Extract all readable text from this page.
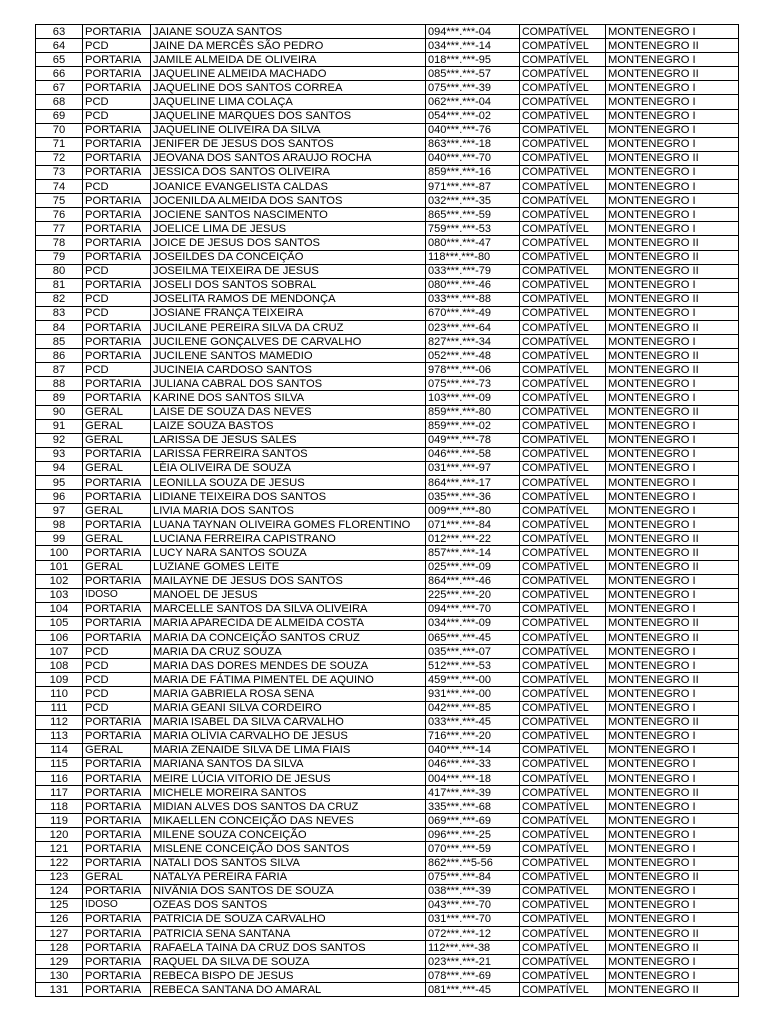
63	PORTARIA	JAIANE SOUZA SANTOS	094***.***-04	COMPATÍVEL	MONTENEGRO I
64	PCD	JAINE DA MERCÊS SÃO PEDRO	034***.***-14	COMPATÍVEL	MONTENEGRO II
65	PORTARIA	JAMILE ALMEIDA DE OLIVEIRA	018***.***-95	COMPATÍVEL	MONTENEGRO I
66	PORTARIA	JAQUELINE ALMEIDA MACHADO	085***.***-57	COMPATÍVEL	MONTENEGRO II
67	PORTARIA	JAQUELINE DOS SANTOS CORREA	075***.***-39	COMPATÍVEL	MONTENEGRO I
68	PCD	JAQUELINE LIMA COLAÇA	062***.***-04	COMPATÍVEL	MONTENEGRO I
69	PCD	JAQUELINE MARQUES DOS SANTOS	054***.***-02	COMPATÍVEL	MONTENEGRO I
70	PORTARIA	JAQUELINE OLIVEIRA DA SILVA	040***.***-76	COMPATÍVEL	MONTENEGRO I
71	PORTARIA	JENIFER DE JESUS DOS SANTOS	863***.***-18	COMPATÍVEL	MONTENEGRO I
72	PORTARIA	JEOVANA DOS SANTOS ARAUJO ROCHA	040***.***-70	COMPATÍVEL	MONTENEGRO II
73	PORTARIA	JESSICA DOS SANTOS OLIVEIRA	859***.***-16	COMPATÍVEL	MONTENEGRO I
74	PCD	JOANICE EVANGELISTA CALDAS	971***.***-87	COMPATÍVEL	MONTENEGRO I
75	PORTARIA	JOCENILDA ALMEIDA DOS SANTOS	032***.***-35	COMPATÍVEL	MONTENEGRO I
76	PORTARIA	JOCIENE SANTOS NASCIMENTO	865***.***-59	COMPATÍVEL	MONTENEGRO I
77	PORTARIA	JOELICE LIMA DE JESUS	759***.***-53	COMPATÍVEL	MONTENEGRO I
78	PORTARIA	JOICE DE JESUS DOS SANTOS	080***.***-47	COMPATÍVEL	MONTENEGRO II
79	PORTARIA	JOSEILDES DA CONCEIÇÃO	118***.***-80	COMPATÍVEL	MONTENEGRO II
80	PCD	JOSEILMA TEIXEIRA DE JESUS	033***.***-79	COMPATÍVEL	MONTENEGRO II
81	PORTARIA	JOSELI DOS SANTOS SOBRAL	080***.***-46	COMPATÍVEL	MONTENEGRO I
82	PCD	JOSELITA RAMOS DE MENDONÇA	033***.***-88	COMPATÍVEL	MONTENEGRO II
83	PCD	JOSIANE FRANÇA TEIXEIRA	670***.***-49	COMPATÍVEL	MONTENEGRO I
84	PORTARIA	JUCILANE PEREIRA SILVA DA CRUZ	023***.***-64	COMPATÍVEL	MONTENEGRO II
85	PORTARIA	JUCILENE GONÇALVES DE CARVALHO	827***.***-34	COMPATÍVEL	MONTENEGRO I
86	PORTARIA	JUCILENE SANTOS MAMEDIO	052***.***-48	COMPATÍVEL	MONTENEGRO II
87	PCD	JUCINEIA CARDOSO SANTOS	978***.***-06	COMPATÍVEL	MONTENEGRO II
88	PORTARIA	JULIANA CABRAL DOS SANTOS	075***.***-73	COMPATÍVEL	MONTENEGRO I
89	PORTARIA	KARINE DOS SANTOS SILVA	103***.***-09	COMPATÍVEL	MONTENEGRO I
90	GERAL	LAISE DE SOUZA DAS NEVES	859***.***-80	COMPATÍVEL	MONTENEGRO II
91	GERAL	LAIZE SOUZA BASTOS	859***.***-02	COMPATÍVEL	MONTENEGRO I
92	GERAL	LARISSA DE JESUS SALES	049***.***-78	COMPATÍVEL	MONTENEGRO I
93	PORTARIA	LARISSA FERREIRA SANTOS	046***.***-58	COMPATÍVEL	MONTENEGRO I
94	GERAL	LÉIA OLIVEIRA DE SOUZA	031***.***-97	COMPATÍVEL	MONTENEGRO I
95	PORTARIA	LEONILLA SOUZA DE JESUS	864***.***-17	COMPATÍVEL	MONTENEGRO I
96	PORTARIA	LIDIANE TEIXEIRA DOS SANTOS	035***.***-36	COMPATÍVEL	MONTENEGRO I
97	GERAL	LIVIA MARIA DOS SANTOS	009***.***-80	COMPATÍVEL	MONTENEGRO I
98	PORTARIA	LUANA TAYNAN OLIVEIRA GOMES FLORENTINO	071***.***-84	COMPATÍVEL	MONTENEGRO I
99	GERAL	LUCIANA FERREIRA CAPISTRANO	012***.***-22	COMPATÍVEL	MONTENEGRO II
100	PORTARIA	LUCY NARA SANTOS SOUZA	857***.***-14	COMPATÍVEL	MONTENEGRO II
101	GERAL	LUZIANE GOMES LEITE	025***.***-09	COMPATÍVEL	MONTENEGRO II
102	PORTARIA	MAILAYNE DE JESUS DOS SANTOS	864***.***-46	COMPATÍVEL	MONTENEGRO I
103	IDOSO	MANOEL DE JESUS	225***.***-20	COMPATÍVEL	MONTENEGRO I
104	PORTARIA	MARCELLE SANTOS DA SILVA OLIVEIRA	094***.***-70	COMPATÍVEL	MONTENEGRO I
105	PORTARIA	MARIA APARECIDA DE ALMEIDA COSTA	034***.***-09	COMPATÍVEL	MONTENEGRO II
106	PORTARIA	MARIA DA CONCEIÇÃO SANTOS CRUZ	065***.***-45	COMPATÍVEL	MONTENEGRO II
107	PCD	MARIA DA CRUZ SOUZA	035***.***-07	COMPATÍVEL	MONTENEGRO I
108	PCD	MARIA DAS DORES MENDES DE SOUZA	512***.***-53	COMPATÍVEL	MONTENEGRO I
109	PCD	MARIA DE FÁTIMA PIMENTEL DE AQUINO	459***.***-00	COMPATÍVEL	MONTENEGRO II
110	PCD	MARIA GABRIELA ROSA SENA	931***.***-00	COMPATÍVEL	MONTENEGRO I
111	PCD	MARIA GEANI SILVA CORDEIRO	042***.***-85	COMPATÍVEL	MONTENEGRO I
112	PORTARIA	MARIA ISABEL DA SILVA CARVALHO	033***.***-45	COMPATÍVEL	MONTENEGRO II
113	PORTARIA	MARIA OLÍVIA CARVALHO DE JESUS	716***.***-20	COMPATÍVEL	MONTENEGRO I
114	GERAL	MARIA ZENAIDE SILVA DE LIMA FIAIS	040***.***-14	COMPATÍVEL	MONTENEGRO I
115	PORTARIA	MARIANA SANTOS DA SILVA	046***.***-33	COMPATÍVEL	MONTENEGRO I
116	PORTARIA	MEIRE LÚCIA VITORIO DE JESUS	004***.***-18	COMPATÍVEL	MONTENEGRO I
117	PORTARIA	MICHELE MOREIRA SANTOS	417***.***-39	COMPATÍVEL	MONTENEGRO II
118	PORTARIA	MIDIAN ALVES DOS SANTOS DA CRUZ	335***.***-68	COMPATÍVEL	MONTENEGRO I
119	PORTARIA	MIKAELLEN CONCEIÇÃO DAS NEVES	069***.***-69	COMPATÍVEL	MONTENEGRO I
120	PORTARIA	MILENE SOUZA CONCEIÇÃO	096***.***-25	COMPATÍVEL	MONTENEGRO I
121	PORTARIA	MISLENE CONCEIÇÃO DOS SANTOS	070***.***-59	COMPATÍVEL	MONTENEGRO I
122	PORTARIA	NATALI DOS SANTOS SILVA	862***.**5-56	COMPATÍVEL	MONTENEGRO I
123	GERAL	NATALYA PEREIRA FARIA	075***.***-84	COMPATÍVEL	MONTENEGRO II
124	PORTARIA	NIVÂNIA DOS SANTOS DE SOUZA	038***.***-39	COMPATÍVEL	MONTENEGRO I
125	IDOSO	OZEAS DOS SANTOS	043***.***-70	COMPATÍVEL	MONTENEGRO I
126	PORTARIA	PATRICIA DE SOUZA CARVALHO	031***.***-70	COMPATÍVEL	MONTENEGRO I
127	PORTARIA	PATRICIA SENA SANTANA	072***.***-12	COMPATÍVEL	MONTENEGRO II
128	PORTARIA	RAFAELA TAINA DA CRUZ DOS SANTOS	112***.***-38	COMPATÍVEL	MONTENEGRO II
129	PORTARIA	RAQUEL DA SILVA DE SOUZA	023***.***-21	COMPATÍVEL	MONTENEGRO I
130	PORTARIA	REBECA BISPO DE JESUS	078***.***-69	COMPATÍVEL	MONTENEGRO I
131	PORTARIA	REBECA SANTANA DO AMARAL	081***.***-45	COMPATÍVEL	MONTENEGRO II
